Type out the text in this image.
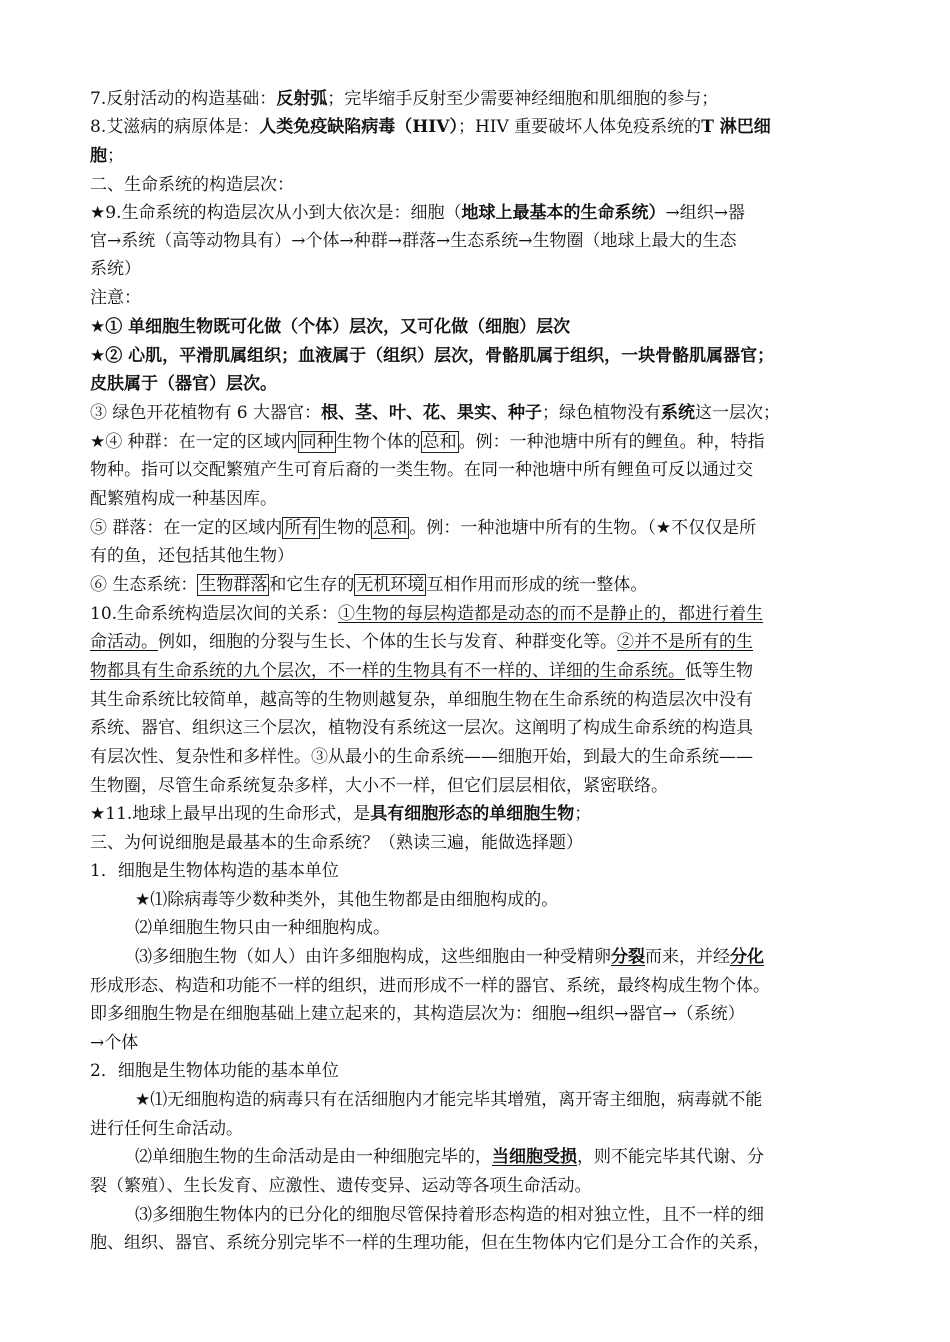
7.反射活动的构造基础：反射弧；完毕缩手反射至少需要神经细胞和肌细胞的参与；
8.艾滋病的病原体是：人类免疫缺陷病毒（HIV）；HIV 重要破坏人体免疫系统的T 淋巴细
胞；
二、生命系统的构造层次：
★9.生命系统的构造层次从小到大依次是：细胞（地球上最基本的生命系统）→组织→器
官→系统（高等动物具有）→个体→种群→群落→生态系统→生物圈（地球上最大的生态
系统）
注意：
★① 单细胞生物既可化做（个体）层次，又可化做（细胞）层次
★② 心肌，平滑肌属组织；血液属于（组织）层次，骨骼肌属于组织，一块骨骼肌属器官；
皮肤属于（器官）层次。
③ 绿色开花植物有 6 大器官：根、茎、叶、花、果实、种子；绿色植物没有系统这一层次；
★④ 种群：在一定的区域内 同种 生物个体的 总和 。例：一种池塘中所有的鲤鱼。种，特指
物种。指可以交配繁殖产生可育后裔的一类生物。在同一种池塘中所有鲤鱼可反以通过交
配繁殖构成一种基因库。
⑤ 群落：在一定的区域内 所有 生物的 总和 。例：一种池塘中所有的生物。（★不仅仅是所
有的鱼，还包括其他生物）
⑥ 生态系统： 生物群落 和它生存的 无机环境 互相作用而形成的统一整体。
10.生命系统构造层次间的关系：①生物的每层构造都是动态的而不是静止的，都进行着生
命活动。例如，细胞的分裂与生长、个体的生长与发育、种群变化等。②并不是所有的生
物都具有生命系统的九个层次，不一样的生物具有不一样的、详细的生命系统。低等生物
其生命系统比较简单，越高等的生物则越复杂，单细胞生物在生命系统的构造层次中没有
系统、器官、组织这三个层次，植物没有系统这一层次。这阐明了构成生命系统的构造具
有层次性、复杂性和多样性。③从最小的生命系统——细胞开始，到最大的生命系统——
生物圈，尽管生命系统复杂多样，大小不一样，但它们层层相依，紧密联络。
★11.地球上最早出现的生命形式，是具有细胞形态的单细胞生物；
三、为何说细胞是最基本的生命系统？（熟读三遍，能做选择题）
1．细胞是生物体构造的基本单位
★⑴除病毒等少数种类外，其他生物都是由细胞构成的。
⑵单细胞生物只由一种细胞构成。
⑶多细胞生物（如人）由许多细胞构成，这些细胞由一种受精卵分裂而来，并经分化
形成形态、构造和功能不一样的组织，进而形成不一样的器官、系统，最终构成生物个体。
即多细胞生物是在细胞基础上建立起来的，其构造层次为：细胞→组织→器官→（系统）
→个体
2．细胞是生物体功能的基本单位
★⑴无细胞构造的病毒只有在活细胞内才能完毕其增殖，离开寄主细胞，病毒就不能
进行任何生命活动。
⑵单细胞生物的生命活动是由一种细胞完毕的，当细胞受损，则不能完毕其代谢、分
裂（繁殖）、生长发育、应激性、遗传变异、运动等各项生命活动。
⑶多细胞生物体内的已分化的细胞尽管保持着形态构造的相对独立性，且不一样的细
胞、组织、器官、系统分别完毕不一样的生理功能，但在生物体内它们是分工合作的关系，
